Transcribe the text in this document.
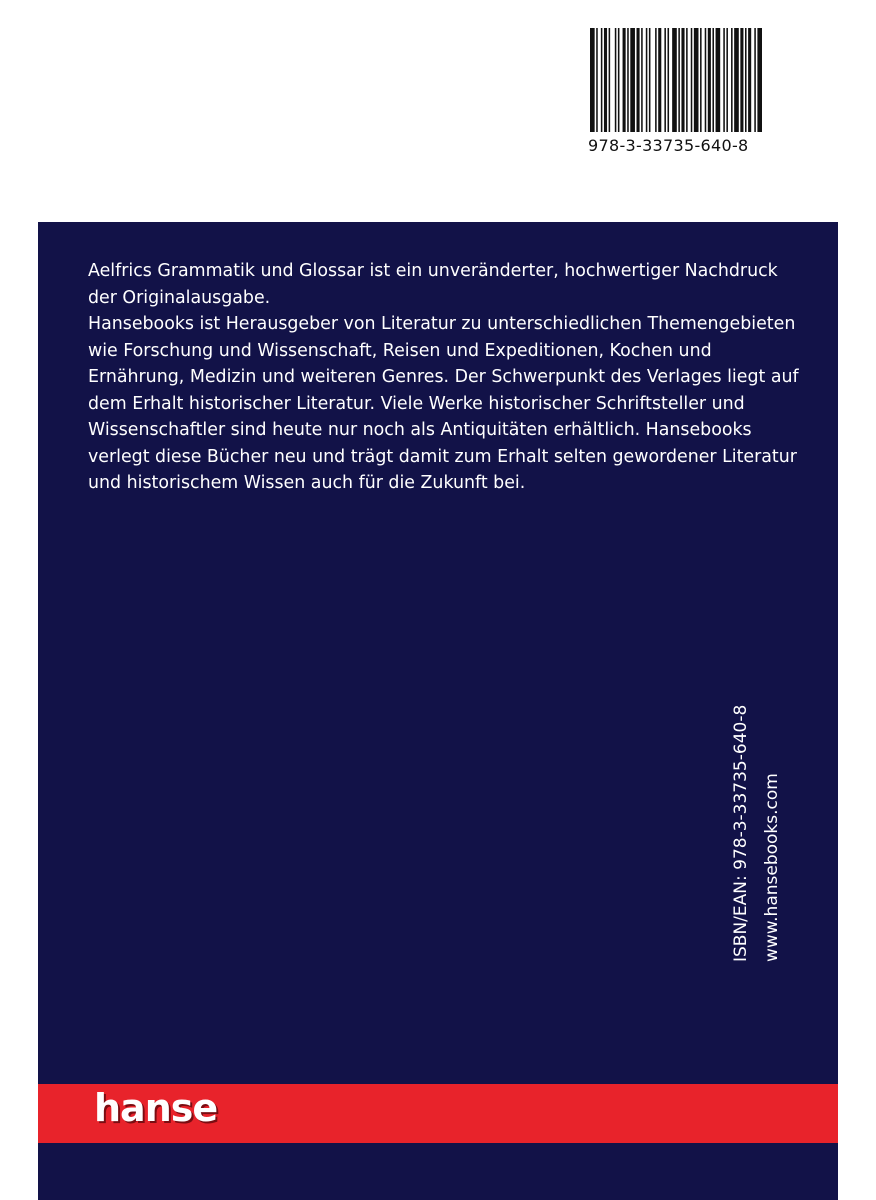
978-3-33735-640-8

Aelfrics Grammatik und Glossar ist ein unveränderter, hochwertiger Nachdruck der Originalausgabe.

Hansebooks ist Herausgeber von Literatur zu unterschiedlichen Themengebieten wie Forschung und Wissenschaft, Reisen und Expeditionen, Kochen und Ernährung, Medizin und weiteren Genres. Der Schwerpunkt des Verlages liegt auf dem Erhalt historischer Literatur. Viele Werke historischer Schriftsteller und Wissenschaftler sind heute nur noch als Antiquitäten erhältlich. Hansebooks verlegt diese Bücher neu und trägt damit zum Erhalt selten gewordener Literatur und historischem Wissen auch für die Zukunft bei.

ISBN/EAN: 978-3-33735-640-8 www.hansebooks.com
hanse
